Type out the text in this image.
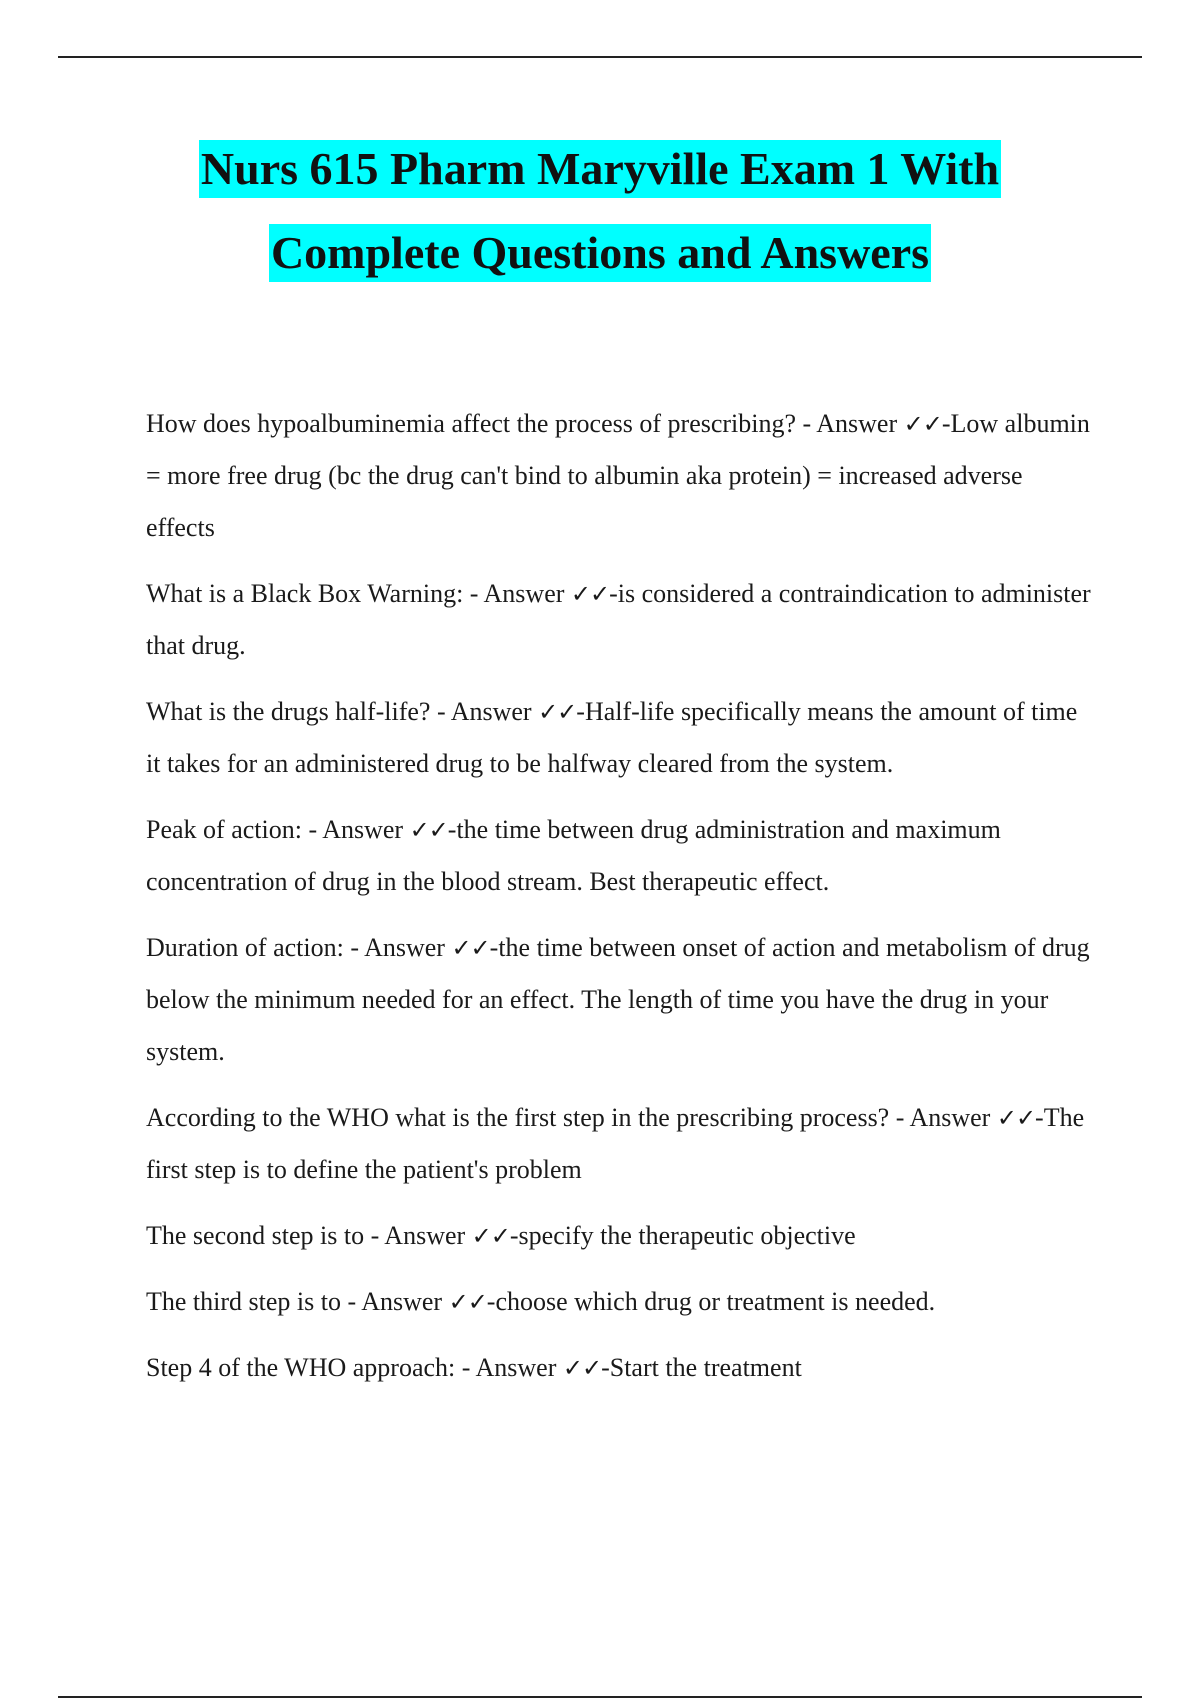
Nurs 615 Pharm Maryville Exam 1 With
Complete Questions and Answers

How does hypoalbuminemia affect the process of prescribing? - Answer ✓✓-Low albumin = more free drug (bc the drug can't bind to albumin aka protein) = increased adverse effects

What is a Black Box Warning: - Answer ✓✓-is considered a contraindication to administer that drug.

What is the drugs half-life? - Answer ✓✓-Half-life specifically means the amount of time it takes for an administered drug to be halfway cleared from the system.

Peak of action: - Answer ✓✓-the time between drug administration and maximum concentration of drug in the blood stream. Best therapeutic effect.

Duration of action: - Answer ✓✓-the time between onset of action and metabolism of drug below the minimum needed for an effect. The length of time you have the drug in your system.

According to the WHO what is the first step in the prescribing process? - Answer ✓✓-The first step is to define the patient's problem

The second step is to - Answer ✓✓-specify the therapeutic objective

The third step is to - Answer ✓✓-choose which drug or treatment is needed.

Step 4 of the WHO approach: - Answer ✓✓-Start the treatment
